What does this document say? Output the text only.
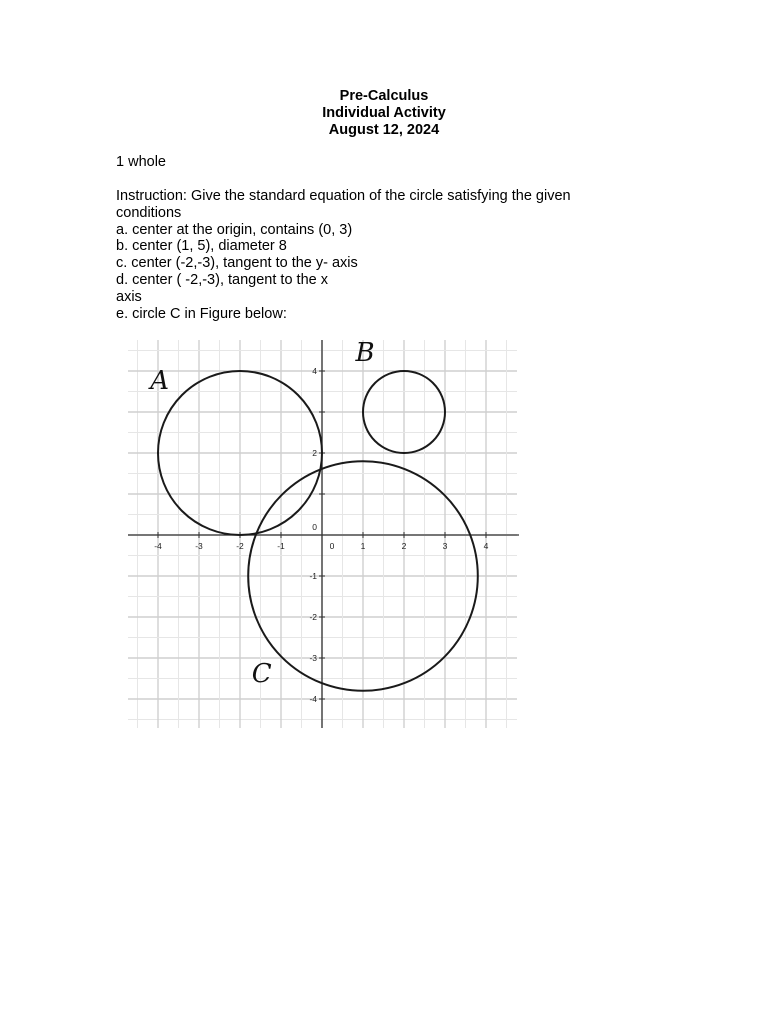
Pre-Calculus
Individual Activity
August 12, 2024
1 whole
Instruction: Give the standard equation of the circle satisfying the given conditions
a. center at the origin, contains (0, 3)
b. center (1, 5), diameter 8
c. center (-2,-3), tangent to the y- axis
d. center ( -2,-3), tangent to the x
axis
e. circle C in Figure below:
-4	-3	-2	-1	0	1	2	3	4
4
2
0
-1
-2
-3
-4
A
B
C
